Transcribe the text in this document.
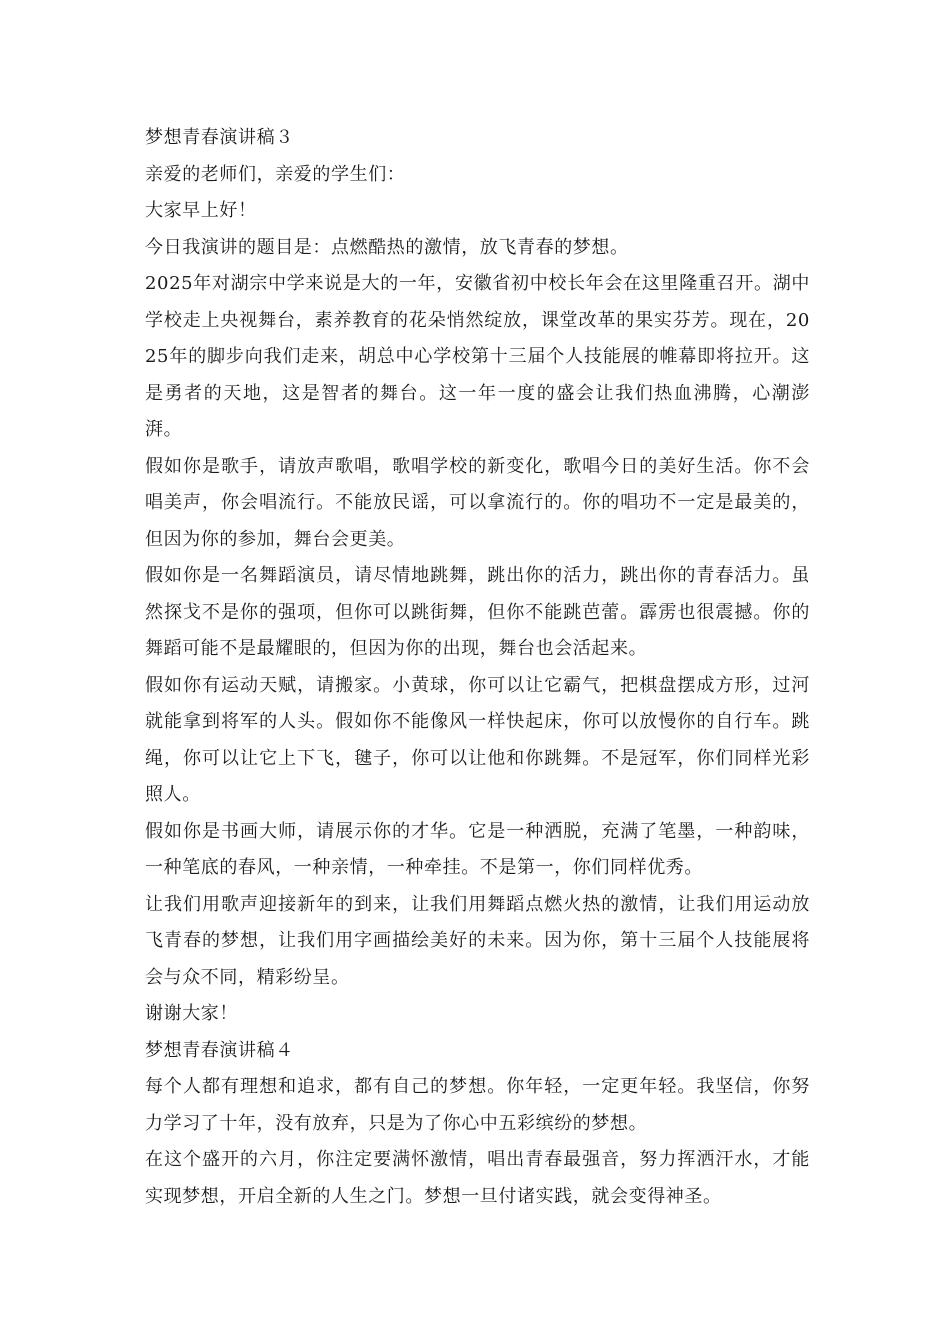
梦想青春演讲稿３

亲爱的老师们，亲爱的学生们：

大家早上好！

今日我演讲的题目是：点燃酷热的激情，放飞青春的梦想。

2025年对湖宗中学来说是大的一年，安徽省初中校长年会在这里隆重召开。湖中学校走上央视舞台，素养教育的花朵悄然绽放，课堂改革的果实芬芳。现在，2025年的脚步向我们走来，胡总中心学校第十三届个人技能展的帷幕即将拉开。这是勇者的天地，这是智者的舞台。这一年一度的盛会让我们热血沸腾，心潮澎湃。

假如你是歌手，请放声歌唱，歌唱学校的新变化，歌唱今日的美好生活。你不会唱美声，你会唱流行。不能放民谣，可以拿流行的。你的唱功不一定是最美的，但因为你的参加，舞台会更美。

假如你是一名舞蹈演员，请尽情地跳舞，跳出你的活力，跳出你的青春活力。虽然探戈不是你的强项，但你可以跳街舞，但你不能跳芭蕾。霹雳也很震撼。你的舞蹈可能不是最耀眼的，但因为你的出现，舞台也会活起来。

假如你有运动天赋，请搬家。小黄球，你可以让它霸气，把棋盘摆成方形，过河就能拿到将军的人头。假如你不能像风一样快起床，你可以放慢你的自行车。跳绳，你可以让它上下飞，毽子，你可以让他和你跳舞。不是冠军，你们同样光彩照人。

假如你是书画大师，请展示你的才华。它是一种洒脱，充满了笔墨，一种韵味，一种笔底的春风，一种亲情，一种牵挂。不是第一，你们同样优秀。

让我们用歌声迎接新年的到来，让我们用舞蹈点燃火热的激情，让我们用运动放飞青春的梦想，让我们用字画描绘美好的未来。因为你，第十三届个人技能展将会与众不同，精彩纷呈。

谢谢大家！

梦想青春演讲稿４

每个人都有理想和追求，都有自己的梦想。你年轻，一定更年轻。我坚信，你努力学习了十年，没有放弃，只是为了你心中五彩缤纷的梦想。

在这个盛开的六月，你注定要满怀激情，唱出青春最强音，努力挥洒汗水，才能实现梦想，开启全新的人生之门。梦想一旦付诸实践，就会变得神圣。
